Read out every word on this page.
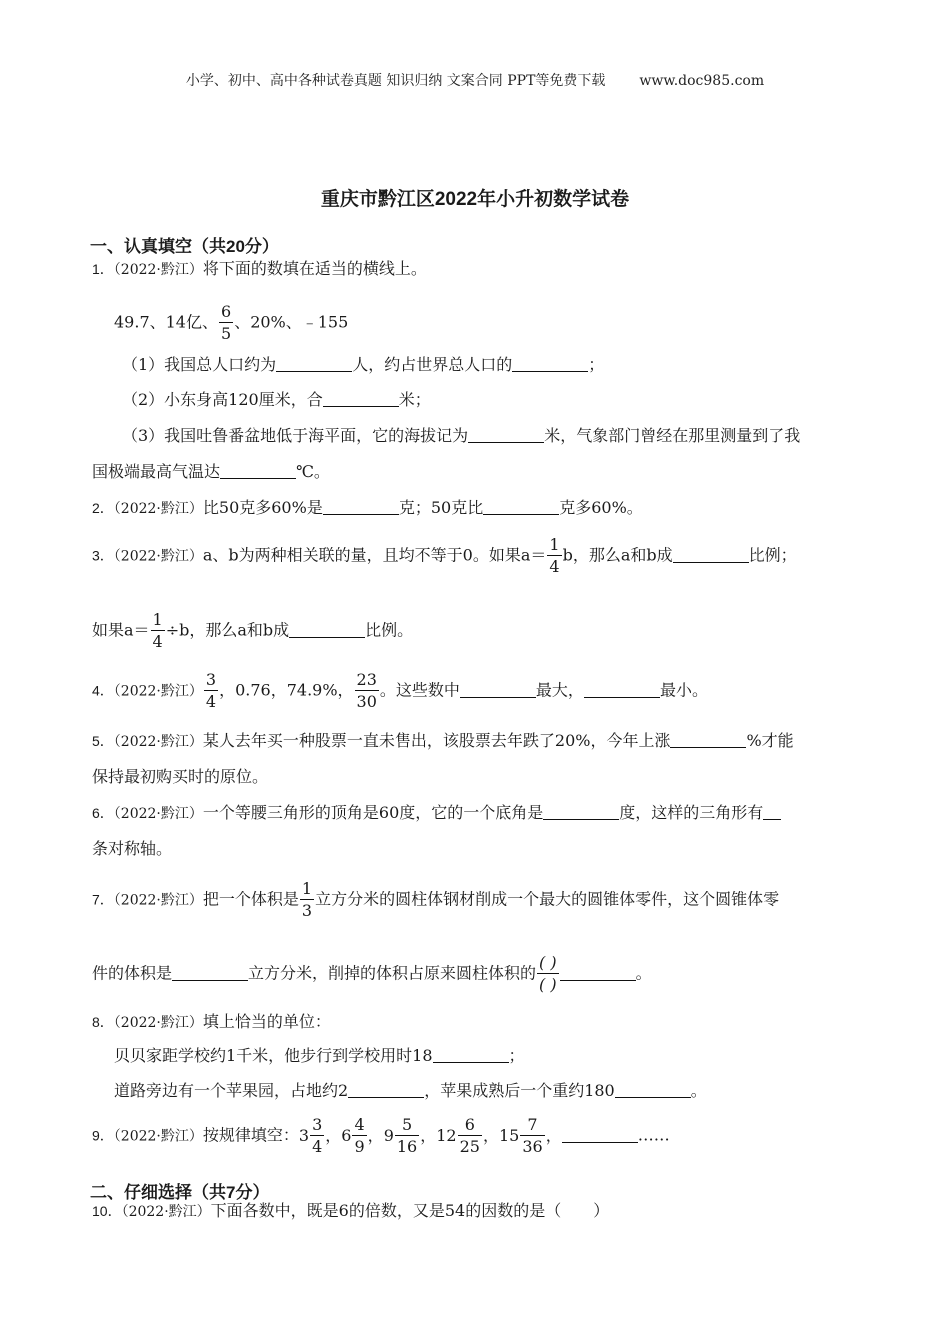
小学、初中、高中各种试卷真题 知识归纳 文案合同 PPT等免费下载 www.doc985.com
重庆市黔江区2022年小升初数学试卷
一、认真填空（共20分）
1．（2022·黔江）将下面的数填在适当的横线上。
49.7、14亿、 $\frac{6}{5}$ 、20%、﹣155
（1）我国总人口约为	人，约占世界总人口的	；
（2）小东身高120厘米，合	米；
（3）我国吐鲁番盆地低于海平面，它的海拔记为	米，气象部门曾经在那里测量到了我
国极端最高气温达	℃。
2．（2022·黔江）比50克多60%是	克；50克比	克多60%。
3．（2022·黔江）a、b为两种相关联的量，且均不等于0。如果$a= \frac{1}{4}$ b，那么a和b成	比例；
如果$a= \frac{1}{4} \div b$，那么a和b成	比例。
4．（2022·黔江） $\frac{3}{4}$ ，0.76，74.9%， $\frac{23}{30}$ 。这些数中	最大，	最小。
5．（2022·黔江）某人去年买一种股票一直未售出，该股票去年跌了20%，今年上涨	%才能
保持最初购买时的原位。
6．（2022·黔江）一个等腰三角形的顶角是60度，它的一个底角是	度，这样的三角形有
条对称轴。
7．（2022·黔江）把一个体积是 $\frac{1}{3}$ 立方分米的圆柱体钢材削成一个最大的圆锥体零件，这个圆锥体零
件的体积是	立方分米，削掉的体积占原来圆柱体积的 $\frac{( )}{( )}$	。
8．（2022·黔江）填上恰当的单位：
贝贝家距学校约1千米，他步行到学校用时18	；
道路旁边有一个苹果园，占地约2	，苹果成熟后一个重约180	。
9．（2022·黔江）按规律填空：$3 \frac{3}{4}$ ，$6 \frac{4}{9}$ ，$9 \frac{5}{16}$ ，$12 \frac{6}{25}$ ，$15 \frac{7}{36}$ ，	……
二、仔细选择（共7分）
10．（2022·黔江）下面各数中，既是6的倍数，又是54的因数的是（　　）
